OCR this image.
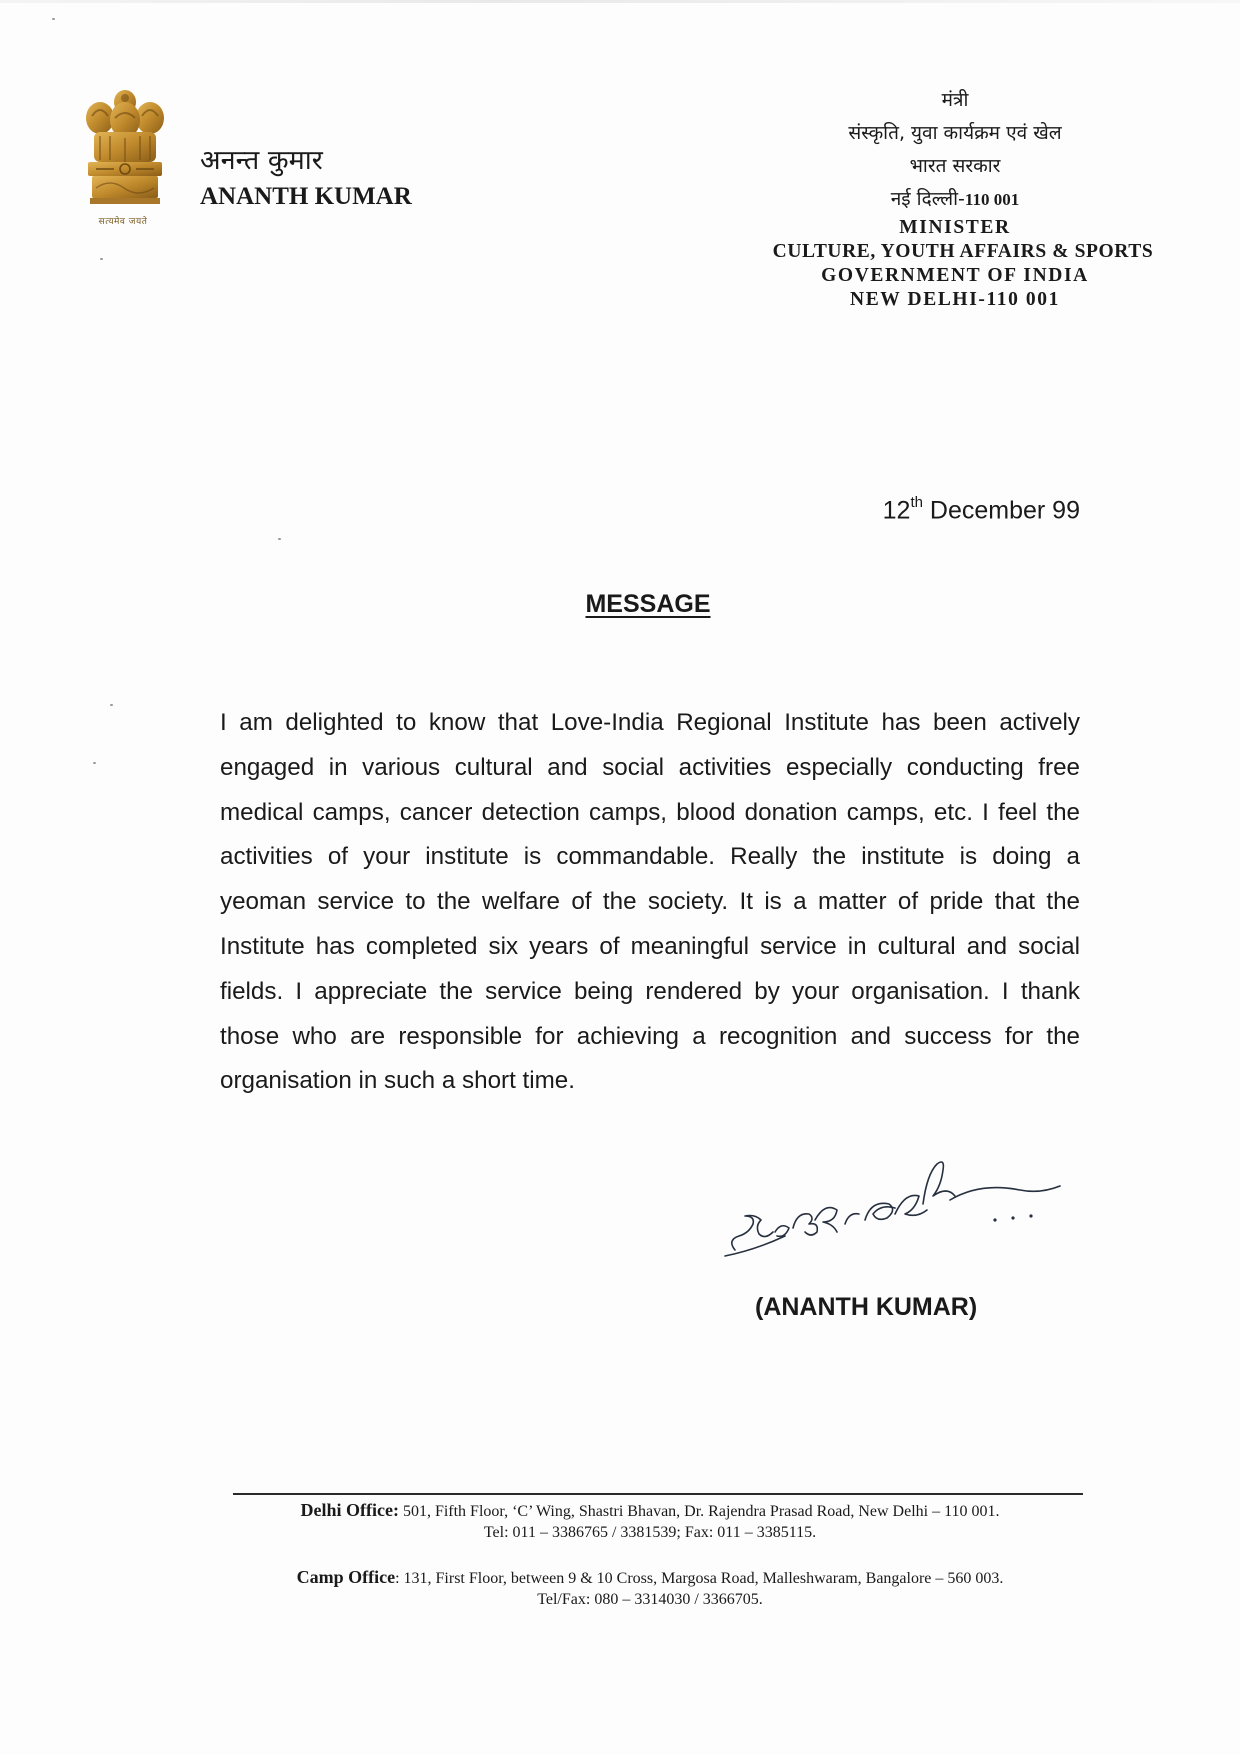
सत्यमेव जयते
अनन्त कुमार
ANANTH KUMAR

मंत्री

संस्कृति, युवा कार्यक्रम एवं खेल

भारत सरकार

नई दिल्ली-110 001

MINISTER

CULTURE, YOUTH AFFAIRS & SPORTS

GOVERNMENT OF INDIA

NEW DELHI-110 001

12th December 99
MESSAGE

I am delighted to know that Love-India Regional Institute has been actively engaged in various cultural and social activities especially conducting free medical camps, cancer detection camps, blood donation camps, etc. I feel the activities of your institute is commandable. Really the institute is doing a yeoman service to the welfare of the society. It is a matter of pride that the Institute has completed six years of meaningful service in cultural and social fields. I appreciate the service being rendered by your organisation. I thank those who are responsible for achieving a recognition and success for the organisation in such a short time.

(ANANTH KUMAR)

Delhi Office: 501, Fifth Floor, ‘C’ Wing, Shastri Bhavan, Dr. Rajendra Prasad Road, New Delhi – 110 001.

Tel: 011 – 3386765 / 3381539; Fax: 011 – 3385115.

Camp Office: 131, First Floor, between 9 & 10 Cross, Margosa Road, Malleshwaram, Bangalore – 560 003.

Tel/Fax: 080 – 3314030 / 3366705.
